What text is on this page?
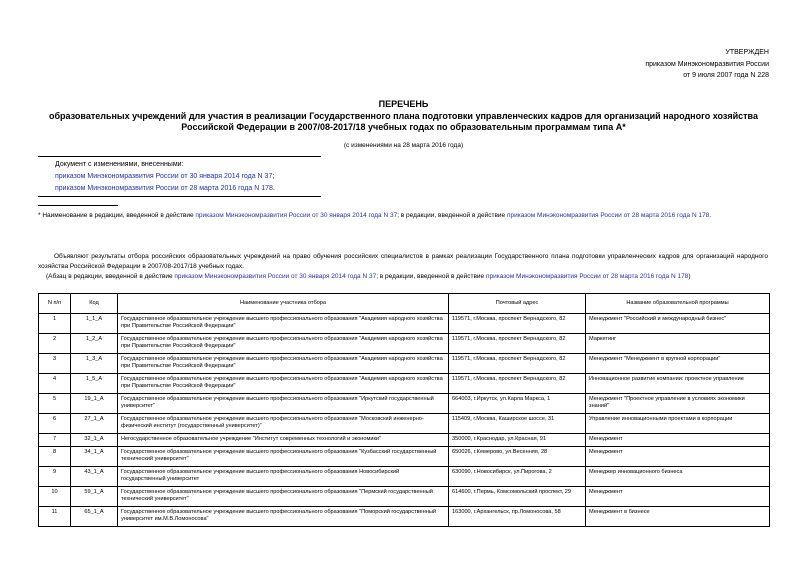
УТВЕРЖДЕН
приказом Минэкономразвития России
от 9 июля 2007 года N 228
ПЕРЕЧЕНЬ
образовательных учреждений для участия в реализации Государственного плана подготовки управленческих кадров для организаций народного хозяйства
Российской Федерации в 2007/08-2017/18 учебных годах по образовательным программам типа А*
(с изменениями на 28 марта 2016 года)
Документ с изменениями, внесенными:
приказом Минэкономразвития России от 30 января 2014 года N 37;
приказом Минэкономразвития России от 28 марта 2016 года N 178.
* Наименование в редакции, введенной в действие приказом Минэкономразвития России от 30 января 2014 года N 37; в редакции, введенной в действие приказом Минэкономразвития России от 28 марта 2016 года N 178.
Объявляют результаты отбора российских образовательных учреждений на право обучения российских специалистов в рамках реализации Государственного плана подготовки управленческих кадров для организаций народного хозяйства Российской Федерации в 2007/08-2017/18 учебных годах.
(Абзац в редакции, введенной в действие приказом Минэкономразвития России от 30 января 2014 года N 37; в редакции, введенной в действие приказом Минэкономразвития России от 28 марта 2016 года N 178)
N п/п	Код	Наименование участника отбора	Почтовый адрес	Название образовательной программы
1	1_1_А	Государственное образовательное учреждение высшего профессионального образования "Академия народного хозяйства при Правительстве Российской Федерации"	119571, г.Москва, проспект Вернадского, 82	Менеджмент "Российский и международный бизнес"
2	1_2_А	Государственное образовательное учреждение высшего профессионального образования "Академия народного хозяйства при Правительстве Российской Федерации"	119571, г.Москва, проспект Вернадского, 82	Маркетинг
3	1_3_А	Государственное образовательное учреждение высшего профессионального образования "Академия народного хозяйства при Правительстве Российской Федерации"	119571, г.Москва, проспект Вернадского, 82	Менеджмент "Менеджмент в крупной корпорации"
4	1_5_А	Государственное образовательное учреждение высшего профессионального образования "Академия народного хозяйства при Правительстве Российской Федерации"	119571, г.Москва, проспект Вернадского, 82	Инновационное развитие компании: проектное управление
5	19_1_А	Государственное образовательное учреждение высшего профессионального образования "Иркутский государственный университет"	664003, г.Иркутск, ул.Карла Маркса, 1	Менеджмент "Проектное управление в условиях экономики знаний"
6	27_1_А	Государственное образовательное учреждение высшего профессионального образования "Московский инженерно-физический институт (государственный университет)"	115409, г.Москва, Каширское шоссе, 31	Управление инновационными проектами в корпорации
7	32_1_А	Негосударственное образовательное учреждение "Институт современных технологий и экономики"	350000, г.Краснодар, ул.Красная, 91	Менеджмент
8	34_1_А	Государственное образовательное учреждение высшего профессионального образования "Кузбасский государственный технический университет"	650026, г.Кемерово, ул.Весенняя, 28	Менеджмент
9	43_1_А	Государственное образовательное учреждение высшего профессионального образования Новосибирский государственный университет	630090, г.Новосибирск, ул.Пирогова, 2	Менеджер инновационного бизнеса
10	59_1_А	Государственное образовательное учреждение высшего профессионального образования "Пермский государственный технический университет"	614600, г.Пермь, Комсомольский проспект, 29	Менеджмент
11	65_1_А	Государственное образовательное учреждение высшего профессионального образования "Поморский государственный университет им.М.В.Ломоносова"	163000, г.Архангельск, пр.Ломоносова, 58	Менеджмент в бизнесе
